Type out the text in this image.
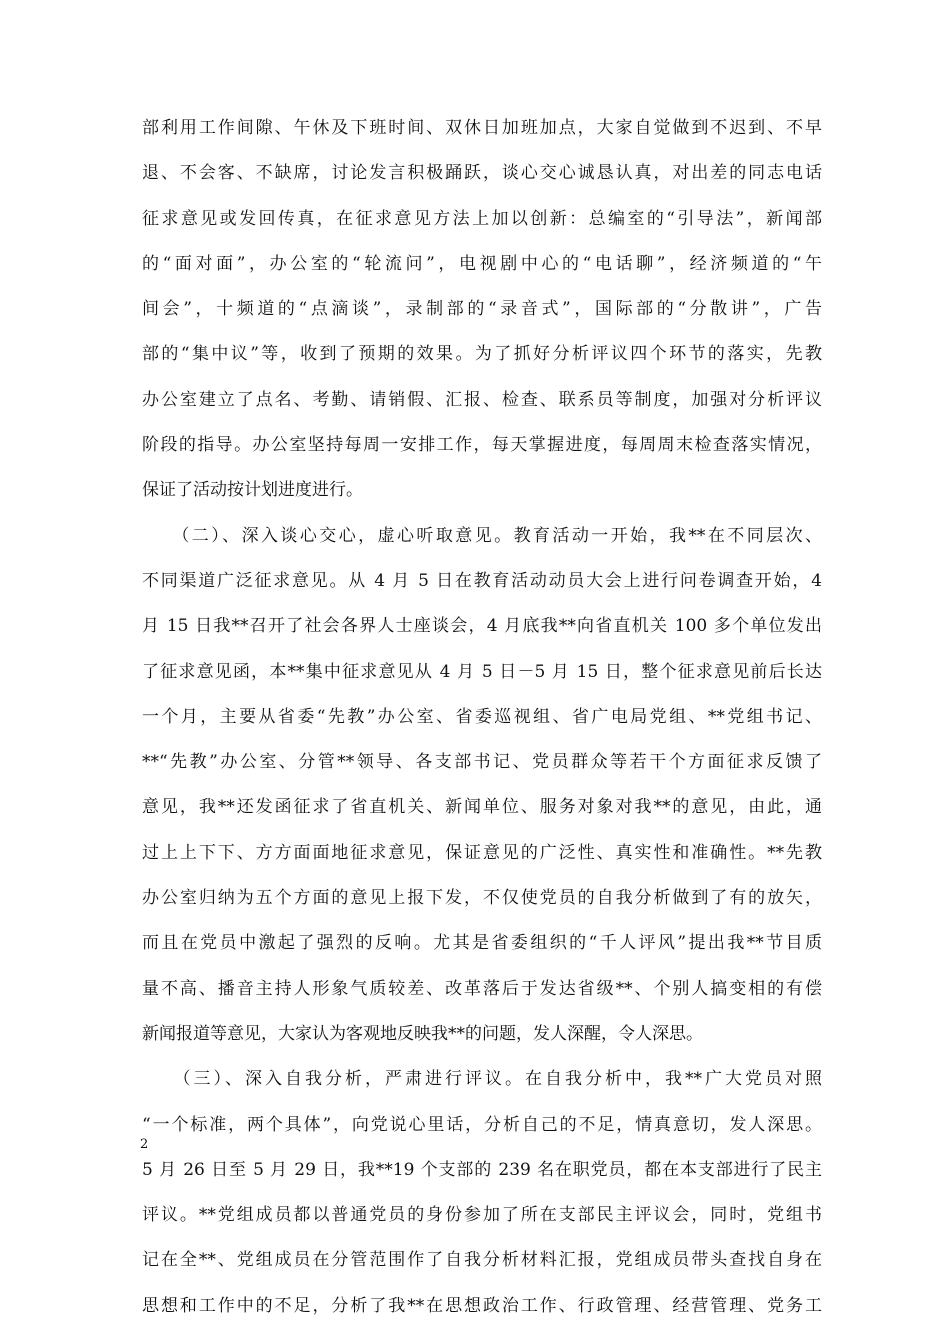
部利用工作间隙、午休及下班时间、双休日加班加点，大家自觉做到不迟到、不早
退、不会客、不缺席，讨论发言积极踊跃，谈心交心诚恳认真，对出差的同志电话
征求意见或发回传真，在征求意见方法上加以创新：总编室的“引导法”，新闻部
的“面对面”，办公室的“轮流问”，电视剧中心的“电话聊”，经济频道的“午
间会”，十频道的“点滴谈”，录制部的“录音式”，国际部的“分散讲”，广告
部的“集中议”等，收到了预期的效果。为了抓好分析评议四个环节的落实，先教
办公室建立了点名、考勤、请销假、汇报、检查、联系员等制度，加强对分析评议
阶段的指导。办公室坚持每周一安排工作，每天掌握进度，每周周末检查落实情况，
保证了活动按计划进度进行。
　　（二）、深入谈心交心，虚心听取意见。教育活动一开始，我**在不同层次、
不同渠道广泛征求意见。从 4 月 5 日在教育活动动员大会上进行问卷调查开始，4
月 15 日我**召开了社会各界人士座谈会，4 月底我**向省直机关 100 多个单位发出
了征求意见函，本**集中征求意见从 4 月 5 日－5 月 15 日，整个征求意见前后长达
一个月，主要从省委“先教”办公室、省委巡视组、省广电局党组、**党组书记、
**“先教”办公室、分管**领导、各支部书记、党员群众等若干个方面征求反馈了
意见，我**还发函征求了省直机关、新闻单位、服务对象对我**的意见，由此，通
过上上下下、方方面面地征求意见，保证意见的广泛性、真实性和准确性。**先教
办公室归纳为五个方面的意见上报下发，不仅使党员的自我分析做到了有的放矢，
而且在党员中激起了强烈的反响。尤其是省委组织的“千人评风”提出我**节目质
量不高、播音主持人形象气质较差、改革落后于发达省级**、个别人搞变相的有偿
新闻报道等意见，大家认为客观地反映我**的问题，发人深醒，令人深思。
　　（三）、深入自我分析，严肃进行评议。在自我分析中，我**广大党员对照
“一个标准，两个具体”，向党说心里话，分析自己的不足，情真意切，发人深思。
5 月 26 日至 5 月 29 日，我**19 个支部的 239 名在职党员，都在本支部进行了民主
评议。**党组成员都以普通党员的身份参加了所在支部民主评议会，同时，党组书
记在全**、党组成员在分管范围作了自我分析材料汇报，党组成员带头查找自身在
思想和工作中的不足，分析了我**在思想政治工作、行政管理、经营管理、党务工
2
